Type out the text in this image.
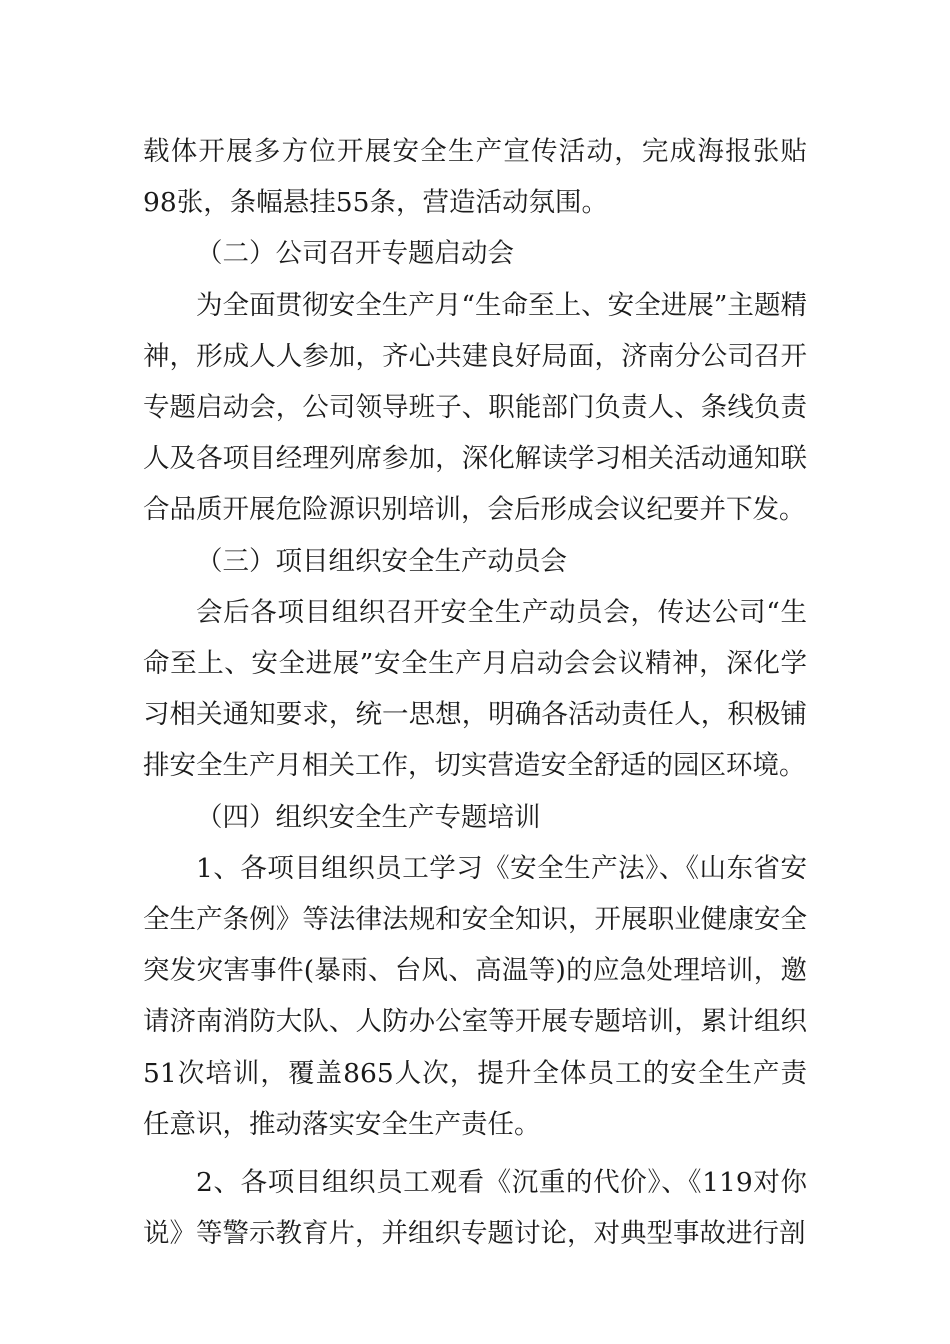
载体开展多方位开展安全生产宣传活动，完成海报张贴98张，条幅悬挂55条，营造活动氛围。

（二）公司召开专题启动会

为全面贯彻安全生产月“生命至上、安全进展”主题精神，形成人人参加，齐心共建良好局面，济南分公司召开专题启动会，公司领导班子、职能部门负责人、条线负责人及各项目经理列席参加，深化解读学习相关活动通知联合品质开展危险源识别培训，会后形成会议纪要并下发。

（三）项目组织安全生产动员会

会后各项目组织召开安全生产动员会，传达公司“生命至上、安全进展”安全生产月启动会会议精神，深化学习相关通知要求，统一思想，明确各活动责任人，积极铺排安全生产月相关工作，切实营造安全舒适的园区环境。

（四）组织安全生产专题培训

1、各项目组织员工学习《安全生产法》、《山东省安全生产条例》等法律法规和安全知识，开展职业健康安全突发灾害事件(暴雨、台风、高温等)的应急处理培训，邀请济南消防大队、人防办公室等开展专题培训，累计组织51次培训，覆盖865人次，提升全体员工的安全生产责任意识，推动落实安全生产责任。

2、各项目组织员工观看《沉重的代价》、《119对你说》等警示教育片，并组织专题讨论，对典型事故进行剖
